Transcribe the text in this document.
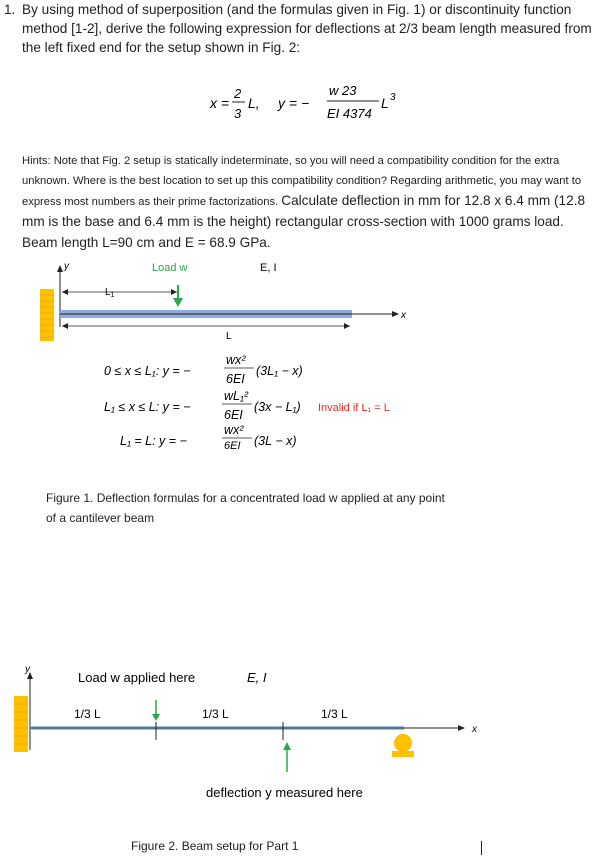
1. By using method of superposition (and the formulas given in Fig. 1) or discontinuity function method [1-2], derive the following expression for deflections at 2/3 beam length measured from the left fixed end for the setup shown in Fig. 2:
x =
2
3
L, y = −
w 23
EI 4374
L 3
Hints: Note that Fig. 2 setup is statically indeterminate, so you will need a compatibility condition for the extra unknown. Where is the best location to set up this compatibility condition? Regarding arithmetic, you may want to express most numbers as their prime factorizations. Calculate deflection in mm for 12.8 x 6.4 mm (12.8 mm is the base and 6.4 mm is the height) rectangular cross-section with 1000 grams load. Beam length L=90 cm and E = 68.9 GPa.
y
x
$L_1$
Load w	E, I
L
0 ≤ x ≤ L₁: y = −
wx²
6EI
(3L₁ − x)
L₁ ≤ x ≤ L: y = −
wL₁²
6EI
(3x − L₁)
L₁ = L: y = −
wx²
6EI (3L − x)
Invalid if L₁ = L
Figure 1. Deflection formulas for a concentrated load w applied at any point of a cantilever beam
y
x
Load w applied here	E, I
1/3 L	1/3 L	1/3 L
deflection y measured here
Figure 2. Beam setup for Part 1
